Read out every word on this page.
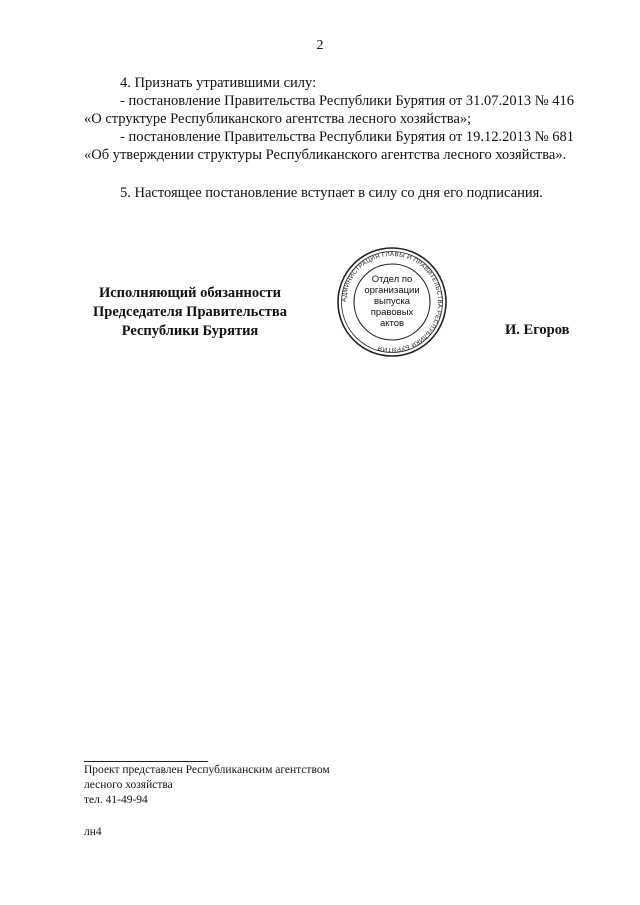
2

4. Признать утратившими силу:

- постановление Правительства Республики Бурятия от 31.07.2013 № 416 «О структуре Республиканского агентства лесного хозяйства»;

- постановление Правительства Республики Бурятия от 19.12.2013 № 681 «Об утверждении структуры Республиканского агентства лесного хозяйства».

5. Настоящее постановление вступает в силу со дня его подписания.

Исполняющий обязанности
Председателя Правительства
Республики Бурятия
АДМИНИСТРАЦИЯ ГЛАВЫ И ПРАВИТЕЛЬСТВА РЕСПУБЛИКИ БУРЯТИЯ
Отдел по
организации
выпуска
правовых
актов	И. Егоров
Проект представлен Республиканским агентством
лесного хозяйства
тел. 41-49-94
лн4
